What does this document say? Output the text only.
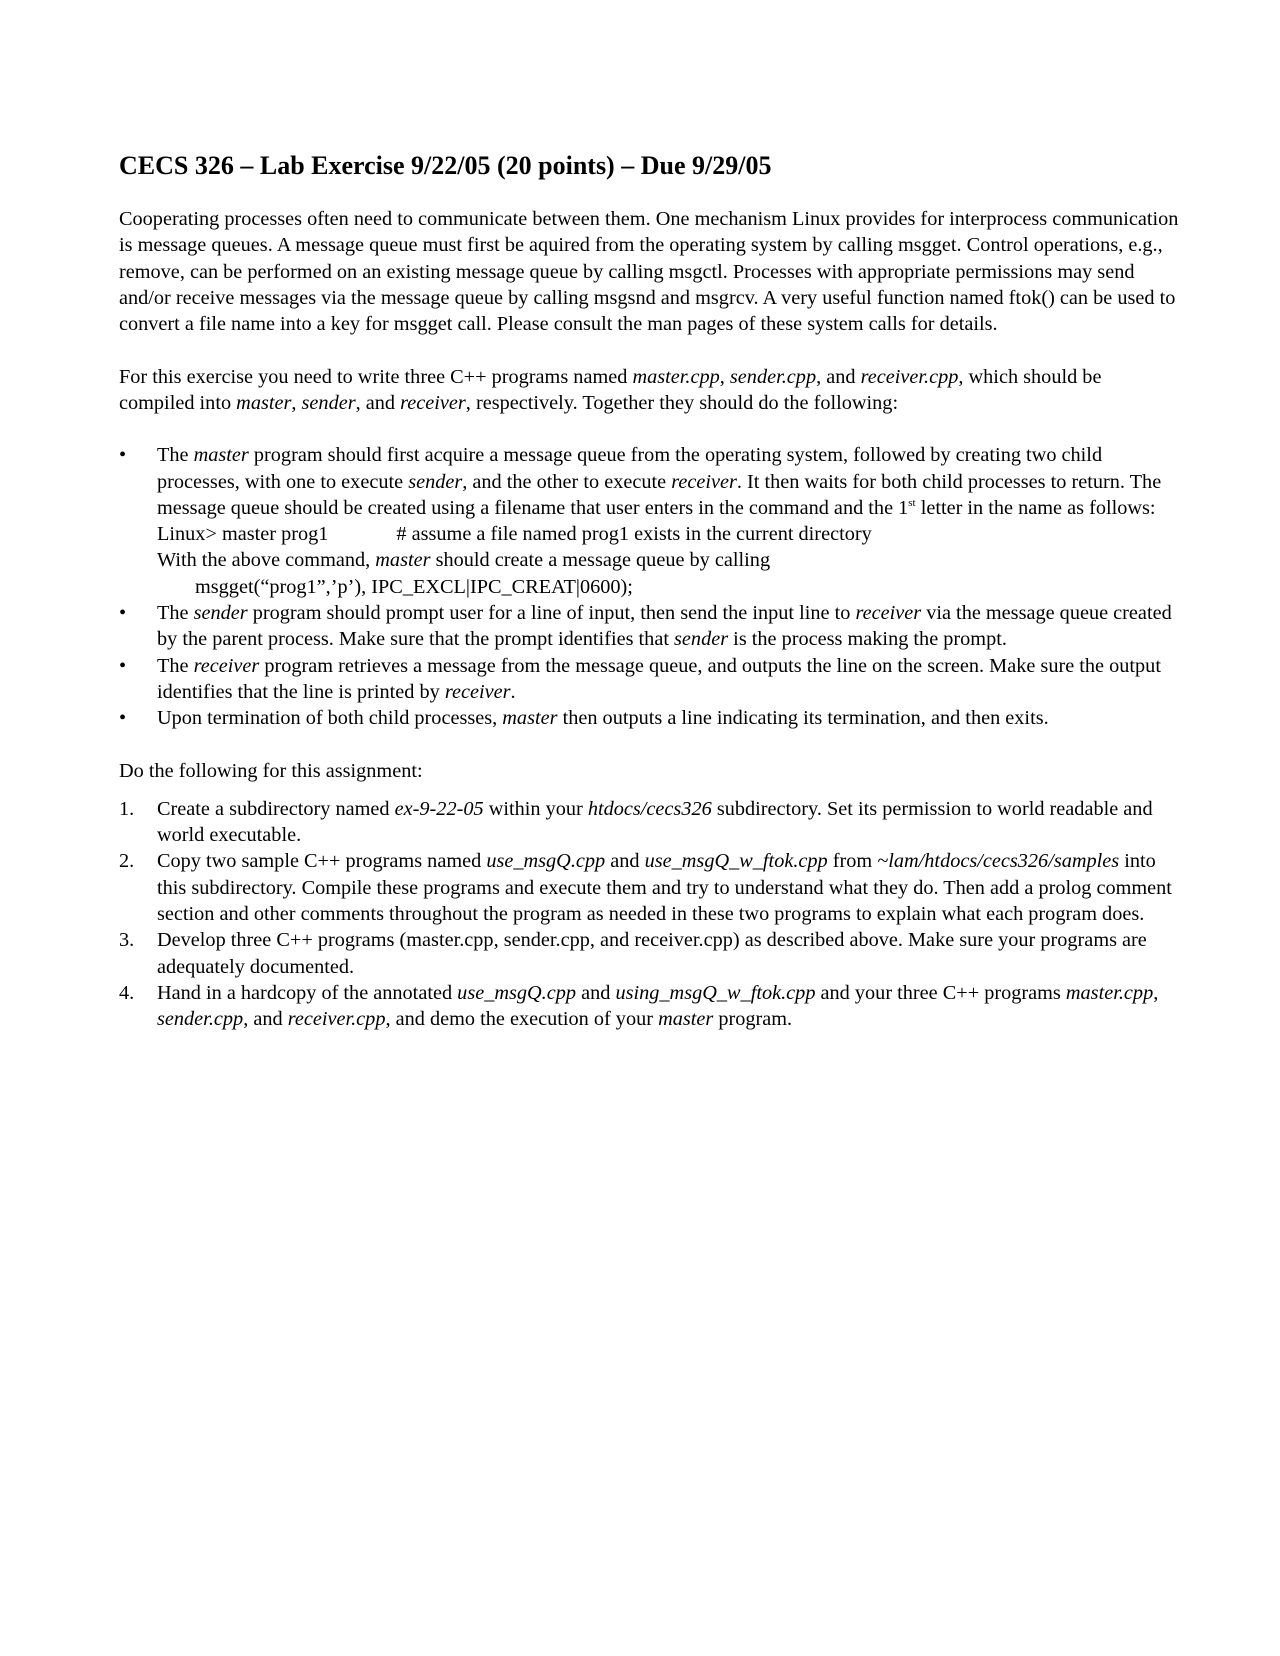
CECS 326 – Lab Exercise 9/22/05 (20 points) – Due 9/29/05

Cooperating processes often need to communicate between them. One mechanism Linux provides for interprocess communication is message queues. A message queue must first be aquired from the operating system by calling msgget. Control operations, e.g., remove, can be performed on an existing message queue by calling msgctl. Processes with appropriate permissions may send and/or receive messages via the message queue by calling msgsnd and msgrcv. A very useful function named ftok() can be used to convert a file name into a key for msgget call. Please consult the man pages of these system calls for details.

For this exercise you need to write three C++ programs named master.cpp, sender.cpp, and receiver.cpp, which should be compiled into master, sender, and receiver, respectively. Together they should do the following:

•	The master program should first acquire a message queue from the operating system, followed by creating two child processes, with one to execute sender, and the other to execute receiver. It then waits for both child processes to return. The message queue should be created using a filename that user enters in the command and the 1st letter in the name as follows:
Linux> master prog1	# assume a file named prog1 exists in the current directory
With the above command, master should create a message queue by calling
msgget(“prog1”,’p’), IPC_EXCL|IPC_CREAT|0600);
•	The sender program should prompt user for a line of input, then send the input line to receiver via the message queue created by the parent process. Make sure that the prompt identifies that sender is the process making the prompt.
•	The receiver program retrieves a message from the message queue, and outputs the line on the screen. Make sure the output identifies that the line is printed by receiver.
•	Upon termination of both child processes, master then outputs a line indicating its termination, and then exits.

Do the following for this assignment:

1.	Create a subdirectory named ex-9-22-05 within your htdocs/cecs326 subdirectory. Set its permission to world readable and world executable.
2.	Copy two sample C++ programs named use_msgQ.cpp and use_msgQ_w_ftok.cpp from ~lam/htdocs/cecs326/samples into this subdirectory. Compile these programs and execute them and try to understand what they do. Then add a prolog comment section and other comments throughout the program as needed in these two programs to explain what each program does.
3.	Develop three C++ programs (master.cpp, sender.cpp, and receiver.cpp) as described above. Make sure your programs are adequately documented.
4.	Hand in a hardcopy of the annotated use_msgQ.cpp and using_msgQ_w_ftok.cpp and your three C++ programs master.cpp, sender.cpp, and receiver.cpp, and demo the execution of your master program.
